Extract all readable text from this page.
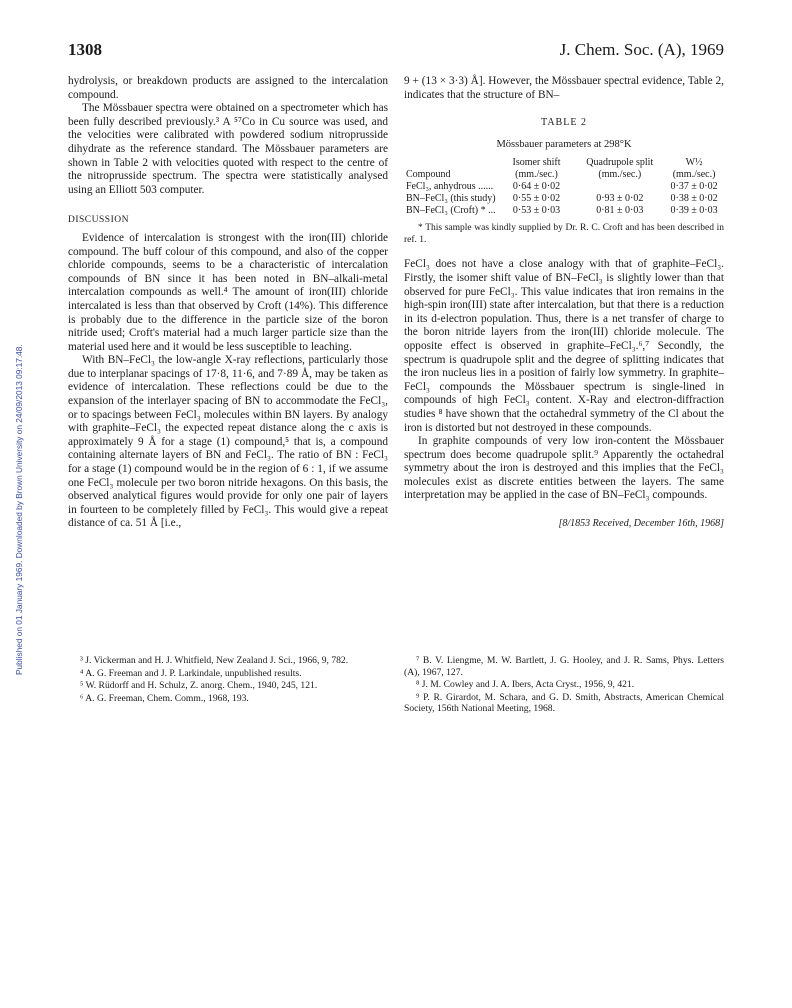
1308	J. Chem. Soc. (A), 1969
Published on 01 January 1969. Downloaded by Brown University on 24/09/2013 09:17:48.

hydrolysis, or breakdown products are assigned to the intercalation compound.

The Mössbauer spectra were obtained on a spectrometer which has been fully described previously.³ A ⁵⁷Co in Cu source was used, and the velocities were calibrated with powdered sodium nitroprusside dihydrate as the reference standard. The Mössbauer parameters are shown in Table 2 with velocities quoted with respect to the centre of the nitroprusside spectrum. The spectra were statistically analysed using an Elliott 503 computer.

DISCUSSION

Evidence of intercalation is strongest with the iron(III) chloride compound. The buff colour of this compound, and also of the copper chloride compounds, seems to be a characteristic of intercalation compounds of BN since it has been noted in BN–alkali-metal intercalation compounds as well.⁴ The amount of iron(III) chloride intercalated is less than that observed by Croft (14%). This difference is probably due to the difference in the particle size of the boron nitride used; Croft's material had a much larger particle size than the material used here and it would be less susceptible to leaching.

With BN–FeCl₃ the low-angle X-ray reflections, particularly those due to interplanar spacings of 17·8, 11·6, and 7·89 Å, may be taken as evidence of intercalation. These reflections could be due to the expansion of the interlayer spacing of BN to accommodate the FeCl₃, or to spacings between FeCl₃ molecules within BN layers. By analogy with graphite–FeCl₃ the expected repeat distance along the c axis is approximately 9 Å for a stage (1) compound,⁵ that is, a compound containing alternate layers of BN and FeCl₃. The ratio of BN : FeCl₃ for a stage (1) compound would be in the region of 6 : 1, if we assume one FeCl₃ molecule per two boron nitride hexagons. On this basis, the observed analytical figures would provide for only one pair of layers in fourteen to be completely filled by FeCl₃. This would give a repeat distance of ca. 51 Å [i.e.,

9 + (13 × 3·3) Å]. However, the Mössbauer spectral evidence, Table 2, indicates that the structure of BN–

TABLE 2
Mössbauer parameters at 298°K
Compound	Isomer shift (mm./sec.)	Quadrupole split (mm./sec.)	W½ (mm./sec.)
FeCl₃, anhydrous ......	0·64 ± 0·02		0·37 ± 0·02
BN–FeCl₃ (this study)	0·55 ± 0·02	0·93 ± 0·02	0·38 ± 0·02
BN–FeCl₃ (Croft) * ...	0·53 ± 0·03	0·81 ± 0·03	0·39 ± 0·03

* This sample was kindly supplied by Dr. R. C. Croft and has been described in ref. 1.

FeCl₃ does not have a close analogy with that of graphite–FeCl₃. Firstly, the isomer shift value of BN–FeCl₃ is slightly lower than that observed for pure FeCl₃. This value indicates that iron remains in the high-spin iron(III) state after intercalation, but that there is a reduction in its d-electron population. Thus, there is a net transfer of charge to the boron nitride layers from the iron(III) chloride molecule. The opposite effect is observed in graphite–FeCl₃.⁶,⁷ Secondly, the spectrum is quadrupole split and the degree of splitting indicates that the iron nucleus lies in a position of fairly low symmetry. In graphite–FeCl₃ compounds the Mössbauer spectrum is single-lined in compounds of high FeCl₃ content. X-Ray and electron-diffraction studies ⁸ have shown that the octahedral symmetry of the Cl about the iron is distorted but not destroyed in these compounds.

In graphite compounds of very low iron-content the Mössbauer spectrum does become quadrupole split.⁹ Apparently the octahedral symmetry about the iron is destroyed and this implies that the FeCl₃ molecules exist as discrete entities between the layers. The same interpretation may be applied in the case of BN–FeCl₃ compounds.

[8/1853 Received, December 16th, 1968]

³ J. Vickerman and H. J. Whitfield, New Zealand J. Sci., 1966, 9, 782.

⁴ A. G. Freeman and J. P. Larkindale, unpublished results.

⁵ W. Rüdorff and H. Schulz, Z. anorg. Chem., 1940, 245, 121.

⁶ A. G. Freeman, Chem. Comm., 1968, 193.

⁷ B. V. Liengme, M. W. Bartlett, J. G. Hooley, and J. R. Sams, Phys. Letters (A), 1967, 127.

⁸ J. M. Cowley and J. A. Ibers, Acta Cryst., 1956, 9, 421.

⁹ P. R. Girardot, M. Schara, and G. D. Smith, Abstracts, American Chemical Society, 156th National Meeting, 1968.
